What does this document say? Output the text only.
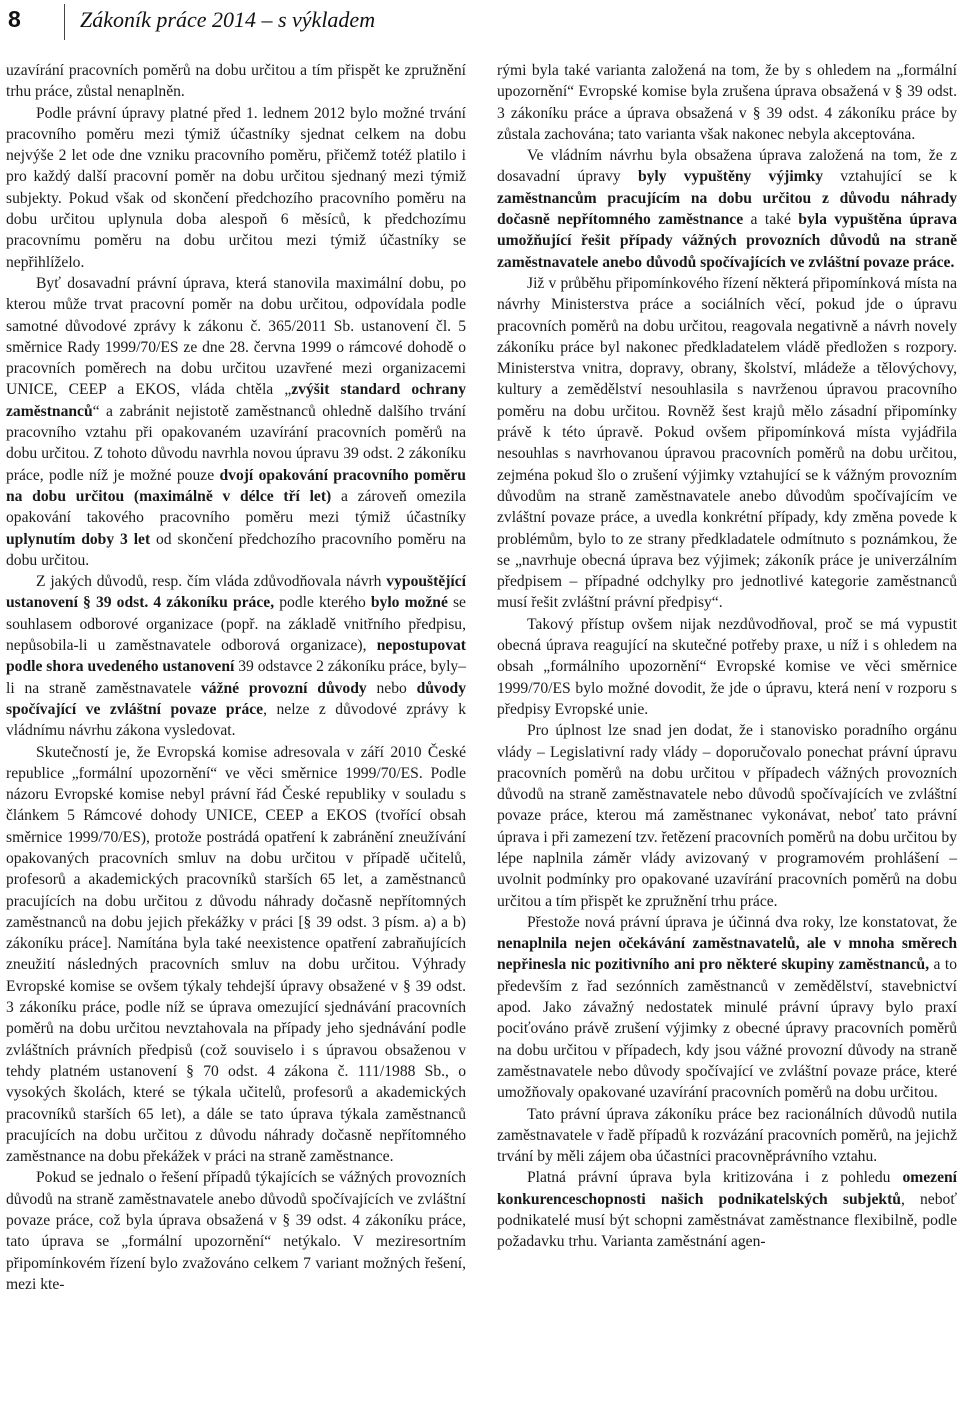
8	Zákoník práce 2014 – s výkladem

uzavírání pracovních poměrů na dobu určitou a tím přispět ke zpružnění trhu práce, zůstal nenaplněn.

Podle právní úpravy platné před 1. lednem 2012 bylo možné trvání pracovního poměru mezi týmiž účastníky sjednat celkem na dobu nejvýše 2 let ode dne vzniku pracovního poměru, přičemž totéž platilo i pro každý další pracovní poměr na dobu určitou sjednaný mezi týmiž subjekty. Pokud však od skončení předchozího pracovního poměru na dobu určitou uplynula doba alespoň 6 měsíců, k předchozímu pracovnímu poměru na dobu určitou mezi týmiž účastníky se nepřihlíželo.

Byť dosavadní právní úprava, která stanovila maximální dobu, po kterou může trvat pracovní poměr na dobu určitou, odpovídala podle samotné důvodové zprávy k zákonu č. 365/2011 Sb. ustanovení čl. 5 směrnice Rady 1999/70/ES ze dne 28. června 1999 o rámcové dohodě o pracovních poměrech na dobu určitou uzavřené mezi organizacemi UNICE, CEEP a EKOS, vláda chtěla „zvýšit standard ochrany zaměstnanců“ a zabránit nejistotě zaměstnanců ohledně dalšího trvání pracovního vztahu při opakovaném uzavírání pracovních poměrů na dobu určitou. Z tohoto důvodu navrhla novou úpravu 39 odst. 2 zákoníku práce, podle níž je možné pouze dvojí opakování pracovního poměru na dobu určitou (maximálně v délce tří let) a zároveň omezila opakování takového pracovního poměru mezi týmiž účastníky uplynutím doby 3 let od skončení předchozího pracovního poměru na dobu určitou.

Z jakých důvodů, resp. čím vláda zdůvodňovala návrh vypouštějící ustanovení § 39 odst. 4 zákoníku práce, podle kterého bylo možné se souhlasem odborové organizace (popř. na základě vnitřního předpisu, nepůsobila-li u zaměstnavatele odborová organizace), nepostupovat podle shora uvedeného ustanovení 39 odstavce 2 zákoníku práce, byly–li na straně zaměstnavatele vážné provozní důvody nebo důvody spočívající ve zvláštní povaze práce, nelze z důvodové zprávy k vládnímu návrhu zákona vysledovat.

Skutečností je, že Evropská komise adresovala v září 2010 České republice „formální upozornění“ ve věci směrnice 1999/70/ES. Podle názoru Evropské komise nebyl právní řád České republiky v souladu s článkem 5 Rámcové dohody UNICE, CEEP a EKOS (tvořící obsah směrnice 1999/70/ES), protože postrádá opatření k zabránění zneužívání opakovaných pracovních smluv na dobu určitou v případě učitelů, profesorů a akademických pracovníků starších 65 let, a zaměstnanců pracujících na dobu určitou z důvodu náhrady dočasně nepřítomných zaměstnanců na dobu jejich překážky v práci [§ 39 odst. 3 písm. a) a b) zákoníku práce]. Namítána byla také neexistence opatření zabraňujících zneužití následných pracovních smluv na dobu určitou. Výhrady Evropské komise se ovšem týkaly tehdejší úpravy obsažené v § 39 odst. 3 zákoníku práce, podle níž se úprava omezující sjednávání pracovních poměrů na dobu určitou nevztahovala na případy jeho sjednávání podle zvláštních právních předpisů (což souviselo i s úpravou obsaženou v tehdy platném ustanovení § 70 odst. 4 zákona č. 111/1988 Sb., o vysokých školách, které se týkala učitelů, profesorů a akademických pracovníků starších 65 let), a dále se tato úprava týkala zaměstnanců pracujících na dobu určitou z důvodu náhrady dočasně nepřítomného zaměstnance na dobu překážek v práci na straně zaměstnance.

Pokud se jednalo o řešení případů týkajících se vážných provozních důvodů na straně zaměstnavatele anebo důvodů spočívajících ve zvláštní povaze práce, což byla úprava obsažená v § 39 odst. 4 zákoníku práce, tato úprava se „formální upozornění“ netýkalo. V meziresortním připomínkovém řízení bylo zvažováno celkem 7 variant možných řešení, mezi kte-

rými byla také varianta založená na tom, že by s ohledem na „formální upozornění“ Evropské komise byla zrušena úprava obsažená v § 39 odst. 3 zákoníku práce a úprava obsažená v § 39 odst. 4 zákoníku práce by zůstala zachována; tato varianta však nakonec nebyla akceptována.

Ve vládním návrhu byla obsažena úprava založená na tom, že z dosavadní úpravy byly vypuštěny výjimky vztahující se k zaměstnancům pracujícím na dobu určitou z důvodu náhrady dočasně nepřítomného zaměstnance a také byla vypuštěna úprava umožňující řešit případy vážných provozních důvodů na straně zaměstnavatele anebo důvodů spočívajících ve zvláštní povaze práce.

Již v průběhu připomínkového řízení některá připomínková místa na návrhy Ministerstva práce a sociálních věcí, pokud jde o úpravu pracovních poměrů na dobu určitou, reagovala negativně a návrh novely zákoníku práce byl nakonec předkladatelem vládě předložen s rozpory. Ministerstva vnitra, dopravy, obrany, školství, mládeže a tělovýchovy, kultury a zemědělství nesouhlasila s navrženou úpravou pracovního poměru na dobu určitou. Rovněž šest krajů mělo zásadní připomínky právě k této úpravě. Pokud ovšem připomínková místa vyjádřila nesouhlas s navrhovanou úpravou pracovních poměrů na dobu určitou, zejména pokud šlo o zrušení výjimky vztahující se k vážným provozním důvodům na straně zaměstnavatele anebo důvodům spočívajícím ve zvláštní povaze práce, a uvedla konkrétní případy, kdy změna povede k problémům, bylo to ze strany předkladatele odmítnuto s poznámkou, že se „navrhuje obecná úprava bez výjimek; zákoník práce je univerzálním předpisem – případné odchylky pro jednotlivé kategorie zaměstnanců musí řešit zvláštní právní předpisy“.

Takový přístup ovšem nijak nezdůvodňoval, proč se má vypustit obecná úprava reagující na skutečné potřeby praxe, u níž i s ohledem na obsah „formálního upozornění“ Evropské komise ve věci směrnice 1999/70/ES bylo možné dovodit, že jde o úpravu, která není v rozporu s předpisy Evropské unie.

Pro úplnost lze snad jen dodat, že i stanovisko poradního orgánu vlády – Legislativní rady vlády – doporučovalo ponechat právní úpravu pracovních poměrů na dobu určitou v případech vážných provozních důvodů na straně zaměstnavatele nebo důvodů spočívajících ve zvláštní povaze práce, kterou má zaměstnanec vykonávat, neboť tato právní úprava i při zamezení tzv. řetězení pracovních poměrů na dobu určitou by lépe naplnila záměr vlády avizovaný v programovém prohlášení – uvolnit podmínky pro opakované uzavírání pracovních poměrů na dobu určitou a tím přispět ke zpružnění trhu práce.

Přestože nová právní úprava je účinná dva roky, lze konstatovat, že nenaplnila nejen očekávání zaměstnavatelů, ale v mnoha směrech nepřinesla nic pozitivního ani pro některé skupiny zaměstnanců, a to především z řad sezónních zaměstnanců v zemědělství, stavebnictví apod. Jako závažný nedostatek minulé právní úpravy bylo praxí pociťováno právě zrušení výjimky z obecné úpravy pracovních poměrů na dobu určitou v případech, kdy jsou vážné provozní důvody na straně zaměstnavatele nebo důvody spočívající ve zvláštní povaze práce, které umožňovaly opakované uzavírání pracovních poměrů na dobu určitou.

Tato právní úprava zákoníku práce bez racionálních důvodů nutila zaměstnavatele v řadě případů k rozvázání pracovních poměrů, na jejichž trvání by měli zájem oba účastníci pracovněprávního vztahu.

Platná právní úprava byla kritizována i z pohledu omezení konkurenceschopnosti našich podnikatelských subjektů, neboť podnikatelé musí být schopni zaměstnávat zaměstnance flexibilně, podle požadavku trhu. Varianta zaměstnání agen-
